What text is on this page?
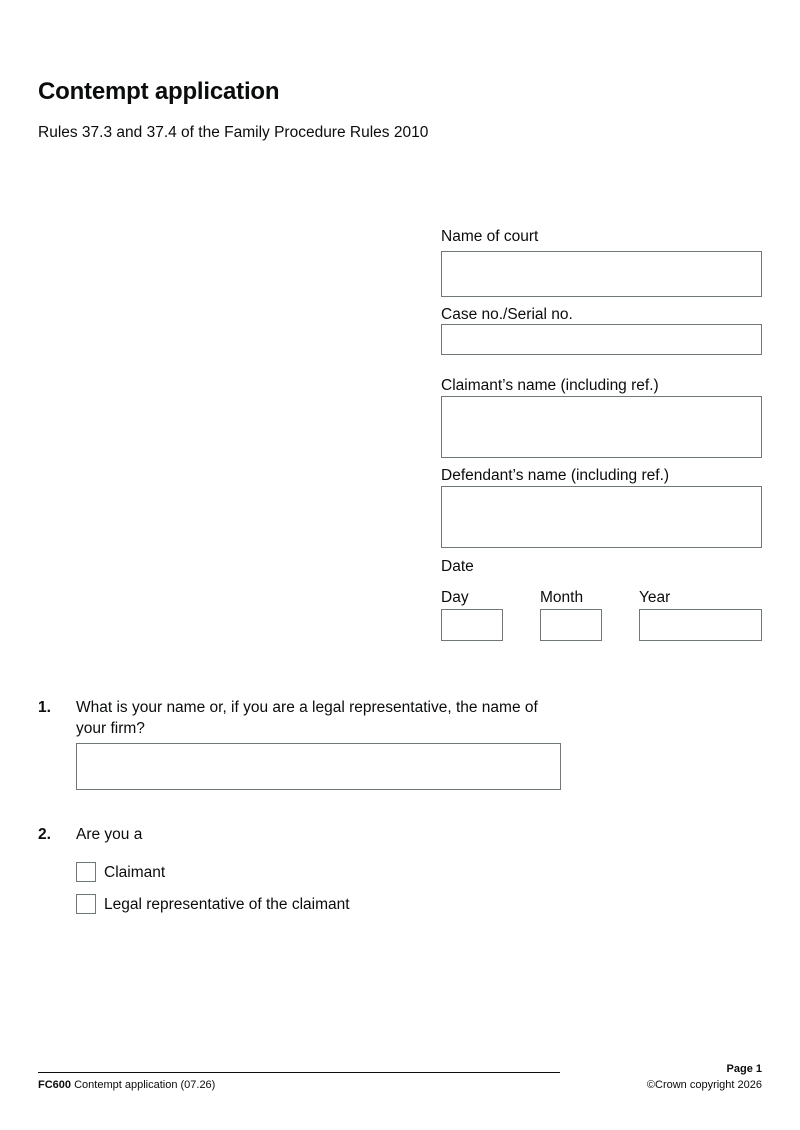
Contempt application
Rules 37.3 and 37.4 of the Family Procedure Rules 2010
Name of court
Case no./Serial no.
Claimant’s name (including ref.)
Defendant’s name (including ref.)
Date
Day	Month	Year
1. What is your name or, if you are a legal representative, the name of your firm?
2. Are you a
Claimant
Legal representative of the claimant
FC600 Contempt application (07.26)
Page 1
©Crown copyright 2026
